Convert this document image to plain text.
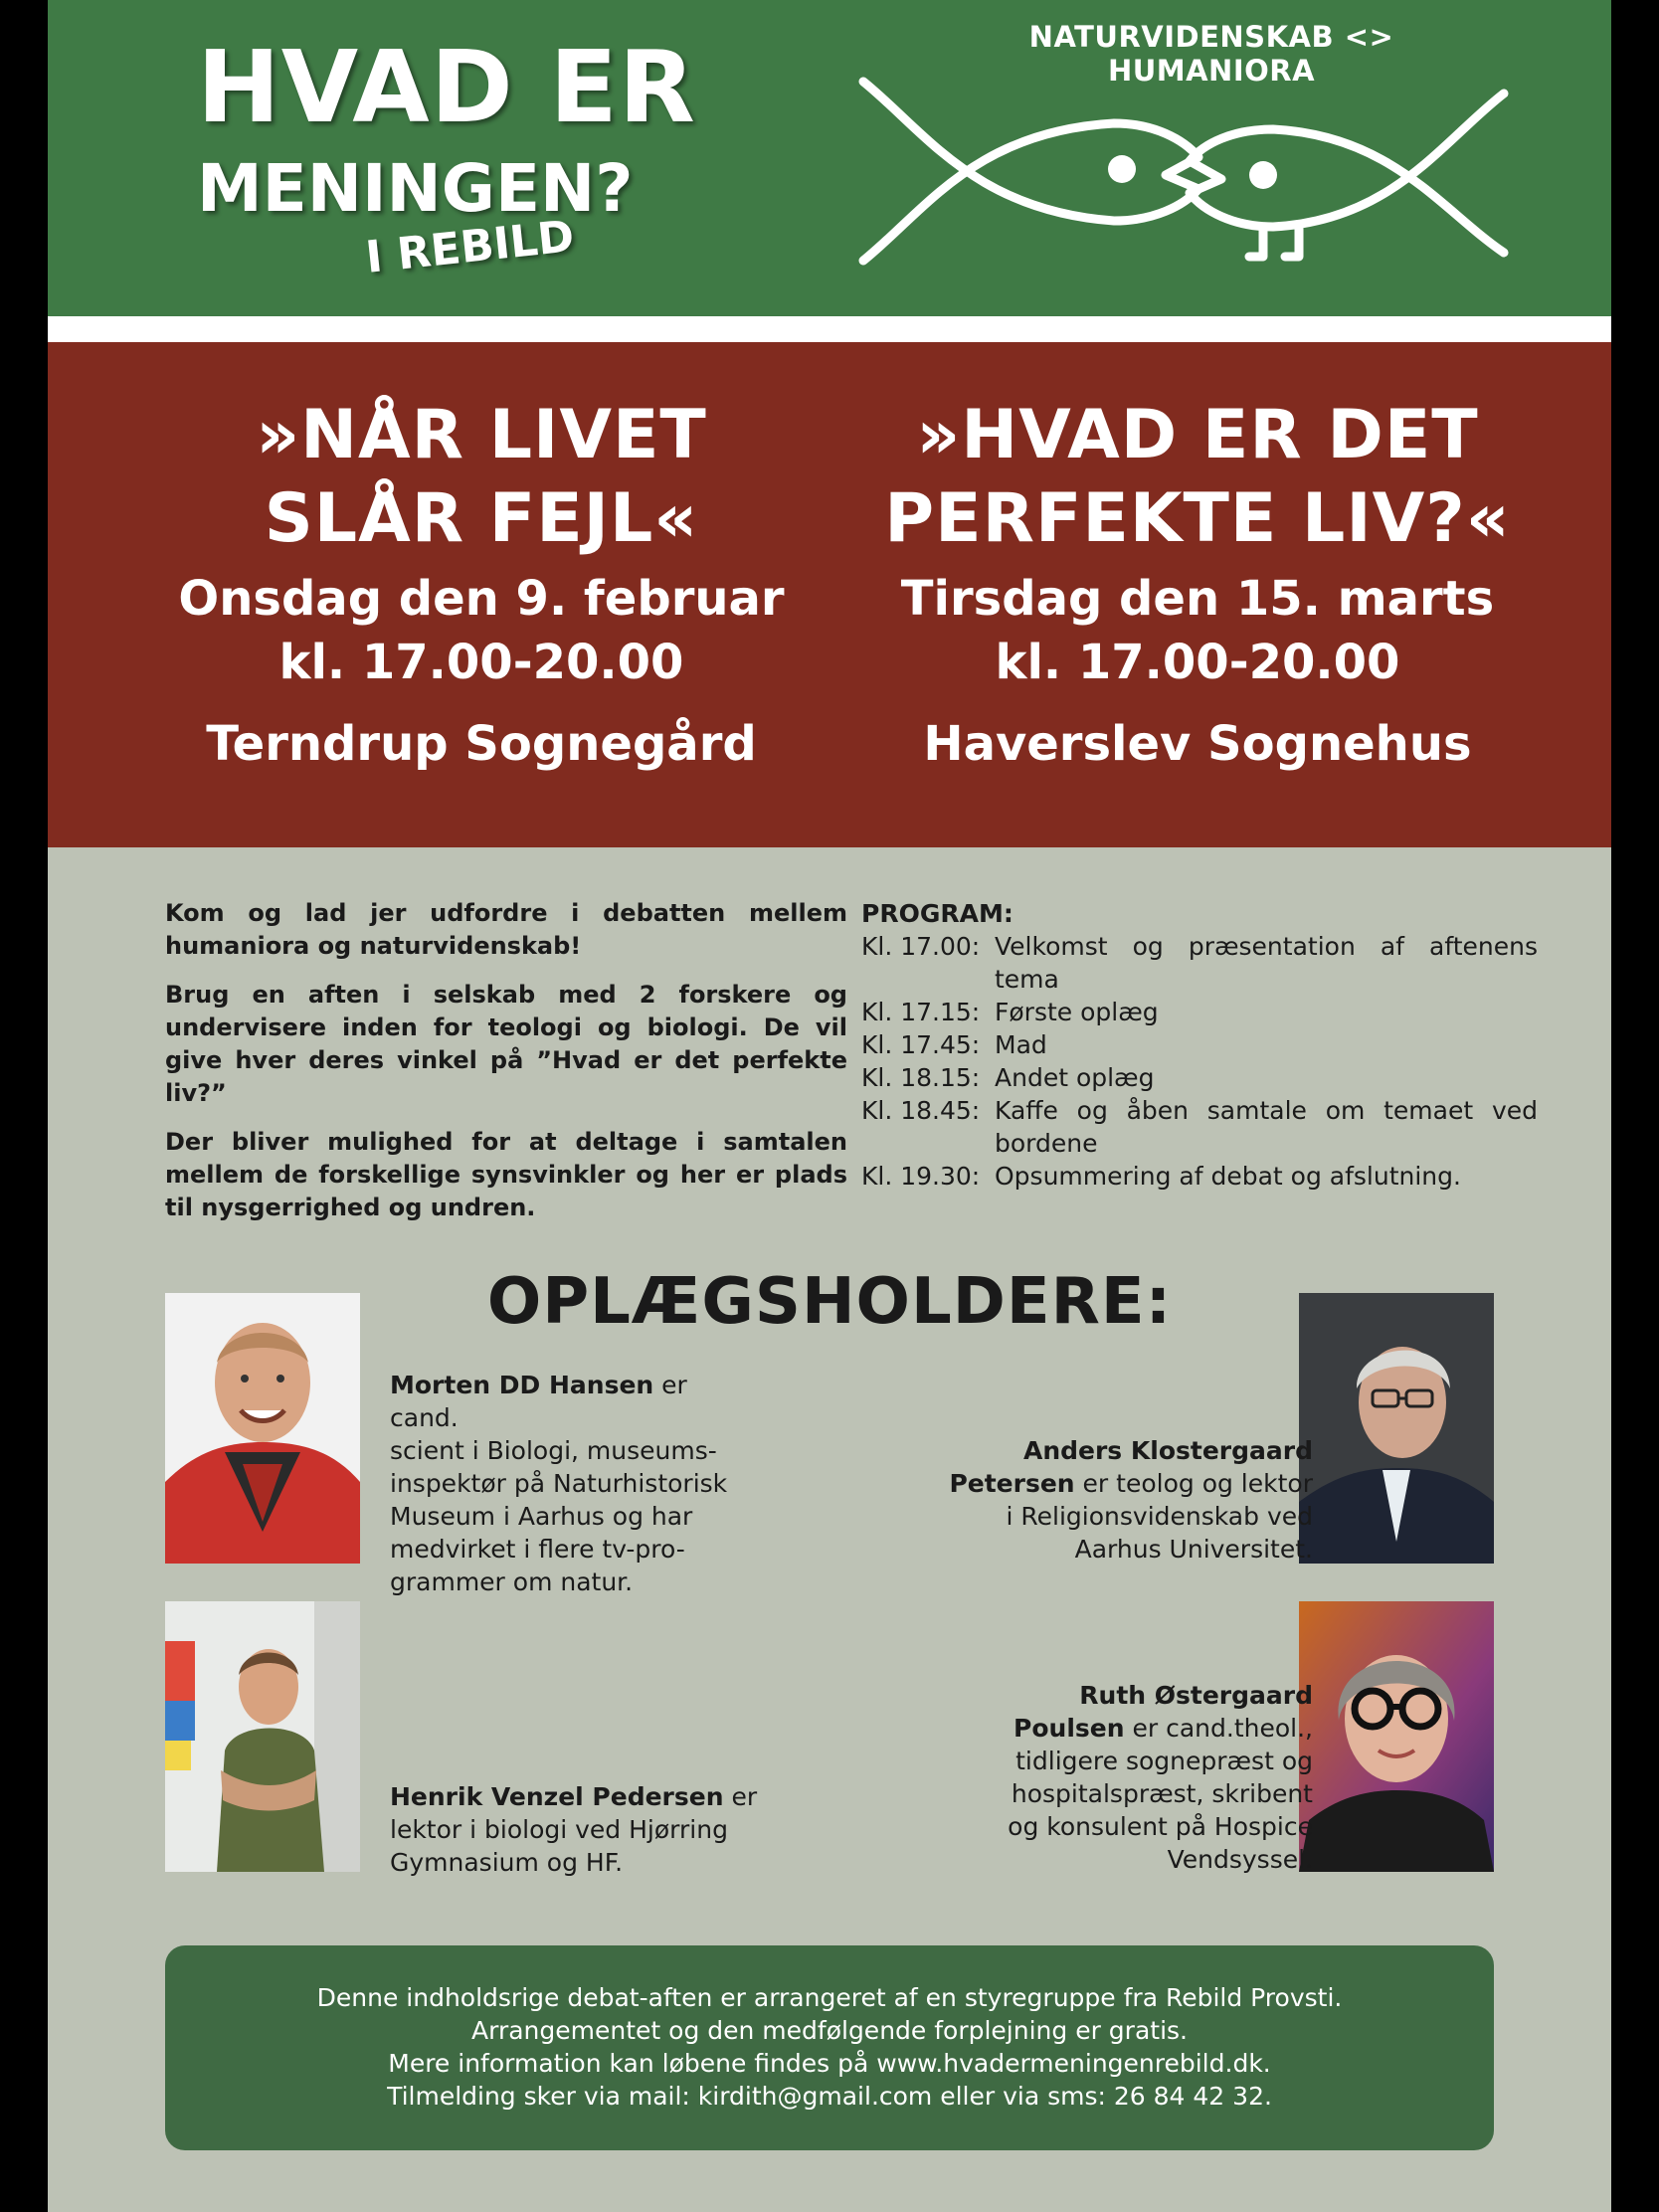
HVAD ER
MENINGEN?
I REBILD
NATURVIDENSKAB <> HUMANIORA
»NÅR LIVET
SLÅR FEJL«
Onsdag den 9. februar
kl. 17.00-20.00
Terndrup Sognegård
»HVAD ER DET
PERFEKTE LIV?«
Tirsdag den 15. marts
kl. 17.00-20.00
Haverslev Sognehus

Kom og lad jer udfordre i debatten mellem humaniora og naturvidenskab!

Brug en aften i selskab med 2 forskere og undervisere inden for teologi og biologi. De vil give hver deres vinkel på ”Hvad er det perfekte liv?”

Der bliver mulighed for at deltage i samtalen mellem de forskellige synsvinkler og her er plads til nysgerrighed og undren.

PROGRAM:
Kl. 17.00: Velkomst og præsentation af aftenens tema
Kl. 17.15: Første oplæg
Kl. 17.45: Mad
Kl. 18.15: Andet oplæg
Kl. 18.45: Kaffe og åben samtale om temaet ved bordene
Kl. 19.30: Opsummering af debat og afslutning.
OPLÆGSHOLDERE:
Morten DD Hansen er cand.
scient i Biologi, museums-
inspektør på Naturhistorisk
Museum i Aarhus og har
medvirket i flere tv-pro-
grammer om natur.
Anders Klostergaard
Petersen er teolog og lektor
i Religionsvidenskab ved
Aarhus Universitet.
Henrik Venzel Pedersen er
lektor i biologi ved Hjørring
Gymnasium og HF.
Ruth Østergaard
Poulsen er cand.theol.,
tidligere sognepræst og
hospitalspræst, skribent
og konsulent på Hospice
Vendsyssel.
Denne indholdsrige debat-aften er arrangeret af en styregruppe fra Rebild Provsti.
Arrangementet og den medfølgende forplejning er gratis.
Mere information kan løbene findes på www.hvadermeningenrebild.dk.
Tilmelding sker via mail: kirdith@gmail.com eller via sms: 26 84 42 32.
